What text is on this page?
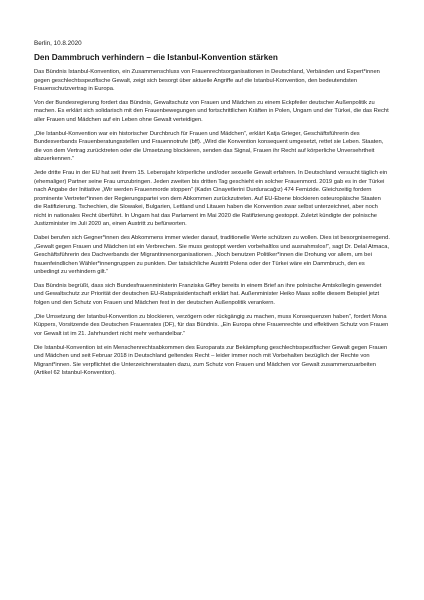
Berlin, 10.8.2020

Den Dammbruch verhindern – die Istanbul-Konvention stärken

Das Bündnis Istanbul-Konvention, ein Zusammenschluss von Frauenrechtsorganisationen in Deutschland, Verbänden und Expert*innen gegen geschlechtsspezifische Gewalt, zeigt sich besorgt über aktuelle Angriffe auf die Istanbul-Konvention, den bedeutendsten Frauenschutzvertrag in Europa.

Von der Bundesregierung fordert das Bündnis, Gewaltschutz von Frauen und Mädchen zu einem Eckpfeiler deutscher Außenpolitik zu machen. Es erklärt sich solidarisch mit den Frauenbewegungen und fortschrittlichen Kräften in Polen, Ungarn und der Türkei, die das Recht aller Frauen und Mädchen auf ein Leben ohne Gewalt verteidigen.

„Die Istanbul-Konvention war ein historischer Durchbruch für Frauen und Mädchen“, erklärt Katja Grieger, Geschäftsführerin des Bundesverbands Frauenberatungsstellen und Frauennotrufe (bff). „Wird die Konvention konsequent umgesetzt, rettet sie Leben. Staaten, die von dem Vertrag zurücktreten oder die Umsetzung blockieren, senden das Signal, Frauen ihr Recht auf körperliche Unversehrtheit abzuerkennen.“

Jede dritte Frau in der EU hat seit ihrem 15. Lebensjahr körperliche und/oder sexuelle Gewalt erfahren. In Deutschland versucht täglich ein (ehemaliger) Partner seine Frau umzubringen. Jeden zweiten bis dritten Tag geschieht ein solcher Frauenmord. 2019 gab es in der Türkei nach Angabe der Initiative „Wir werden Frauenmorde stoppen“ (Kadın Cinayetlerini Durduracağız) 474 Femizide. Gleichzeitig fordern prominente Vertreter*innen der Regierungspartei von dem Abkommen zurückzutreten. Auf EU-Ebene blockieren osteuropäische Staaten die Ratifizierung. Tschechien, die Slowakei, Bulgarien, Lettland und Litauen haben die Konvention zwar selbst unterzeichnet, aber noch nicht in nationales Recht überführt. In Ungarn hat das Parlament im Mai 2020 die Ratifizierung gestoppt. Zuletzt kündigte der polnische Justizminister im Juli 2020 an, einen Austritt zu befürworten.

Dabei berufen sich Gegner*innen des Abkommens immer wieder darauf, traditionelle Werte schützen zu wollen. Dies ist besorgniserregend. „Gewalt gegen Frauen und Mädchen ist ein Verbrechen. Sie muss gestoppt werden vorbehaltlos und ausnahmslos!“, sagt Dr. Delal Atmaca, Geschäftsführerin des Dachverbands der Migrantinnenorganisationen. „Noch benutzen Politiker*innen die Drohung vor allem, um bei frauenfeindlichen Wähler*innengruppen zu punkten. Der tatsächliche Austritt Polens oder der Türkei wäre ein Dammbruch, den es unbedingt zu verhindern gilt.“

Das Bündnis begrüßt, dass sich Bundesfrauenministerin Franziska Giffey bereits in einem Brief an ihre polnische Amtskollegin gewendet und Gewaltschutz zur Priorität der deutschen EU-Ratspräsidentschaft erklärt hat. Außenminister Heiko Maas sollte diesem Beispiel jetzt folgen und den Schutz von Frauen und Mädchen fest in der deutschen Außenpolitik verankern.

„Die Umsetzung der Istanbul-Konvention zu blockieren, verzögern oder rückgängig zu machen, muss Konsequenzen haben“, fordert Mona Küppers, Vorsitzende des Deutschen Frauenrates (DF), für das Bündnis. „Ein Europa ohne Frauenrechte und effektiven Schutz von Frauen vor Gewalt ist im 21. Jahrhundert nicht mehr verhandelbar.“

Die Istanbul-Konvention ist ein Menschenrechtsabkommen des Europarats zur Bekämpfung geschlechtsspezifischer Gewalt gegen Frauen und Mädchen und seit Februar 2018 in Deutschland geltendes Recht – leider immer noch mit Vorbehalten bezüglich der Rechte von Migrant*innen. Sie verpflichtet die Unterzeichnerstaaten dazu, zum Schutz von Frauen und Mädchen vor Gewalt zusammenzuarbeiten (Artikel 62 Istanbul-Konvention).
